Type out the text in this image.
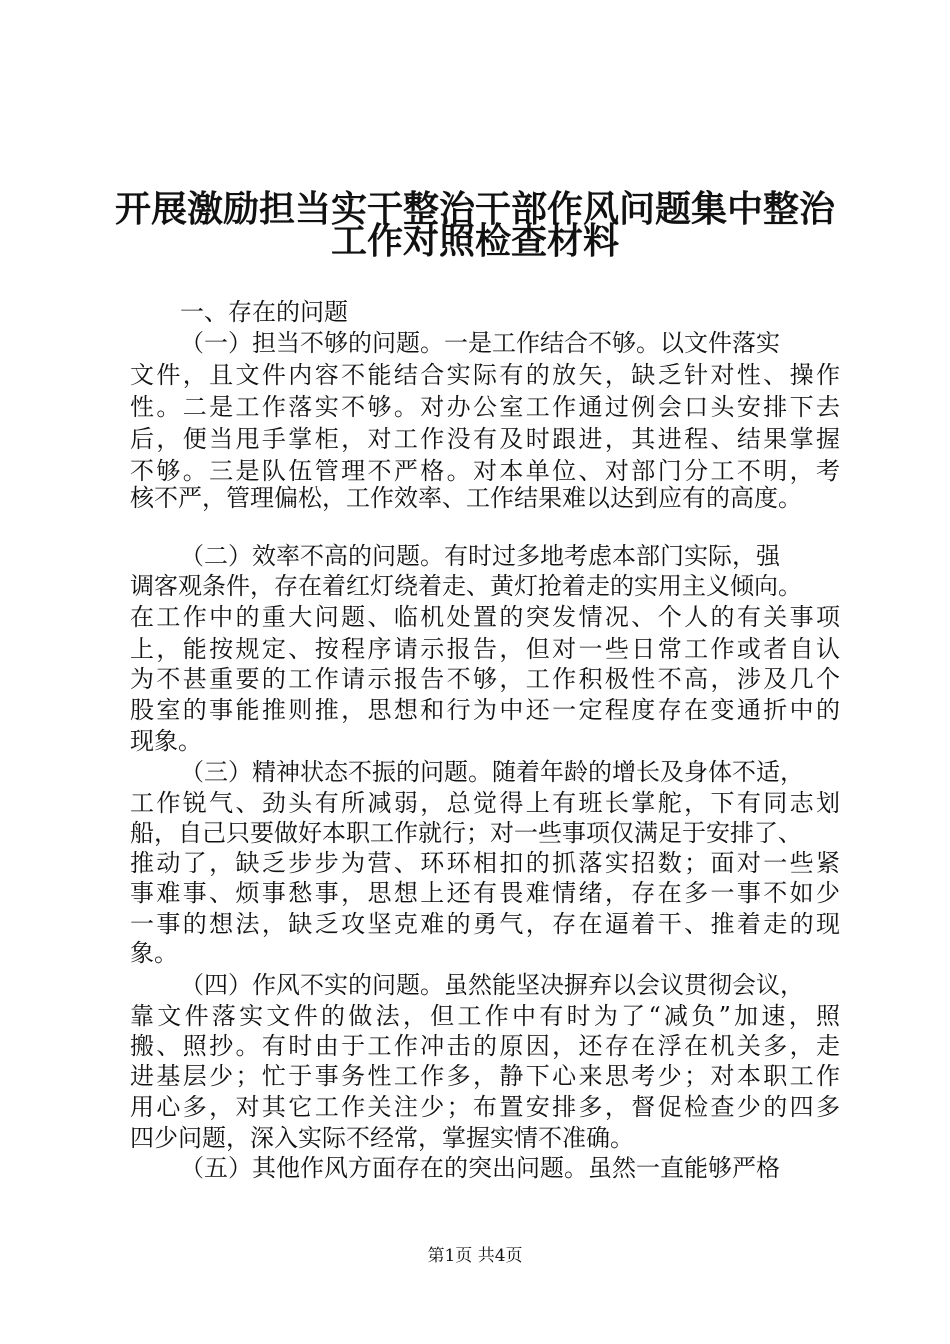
开展激励担当实干整治干部作风问题集中整治
工作对照检查材料
一、存在的问题
（一）担当不够的问题。一是工作结合不够。以文件落实
文件，且文件内容不能结合实际有的放矢，缺乏针对性、操作
性。二是工作落实不够。对办公室工作通过例会口头安排下去
后，便当甩手掌柜，对工作没有及时跟进，其进程、结果掌握
不够。三是队伍管理不严格。对本单位、对部门分工不明，考
核不严，管理偏松，工作效率、工作结果难以达到应有的高度。
（二）效率不高的问题。有时过多地考虑本部门实际，强
调客观条件，存在着红灯绕着走、黄灯抢着走的实用主义倾向。
在工作中的重大问题、临机处置的突发情况、个人的有关事项
上，能按规定、按程序请示报告，但对一些日常工作或者自认
为不甚重要的工作请示报告不够，工作积极性不高，涉及几个
股室的事能推则推，思想和行为中还一定程度存在变通折中的
现象。
（三）精神状态不振的问题。随着年龄的增长及身体不适，
工作锐气、劲头有所减弱，总觉得上有班长掌舵，下有同志划
船，自己只要做好本职工作就行；对一些事项仅满足于安排了、
推动了，缺乏步步为营、环环相扣的抓落实招数；面对一些紧
事难事、烦事愁事，思想上还有畏难情绪，存在多一事不如少
一事的想法，缺乏攻坚克难的勇气，存在逼着干、推着走的现
象。
（四）作风不实的问题。虽然能坚决摒弃以会议贯彻会议，
靠文件落实文件的做法，但工作中有时为了“减负”加速，照
搬、照抄。有时由于工作冲击的原因，还存在浮在机关多，走
进基层少；忙于事务性工作多，静下心来思考少；对本职工作
用心多，对其它工作关注少；布置安排多，督促检查少的四多
四少问题，深入实际不经常，掌握实情不准确。
（五）其他作风方面存在的突出问题。虽然一直能够严格
第1页 共4页
